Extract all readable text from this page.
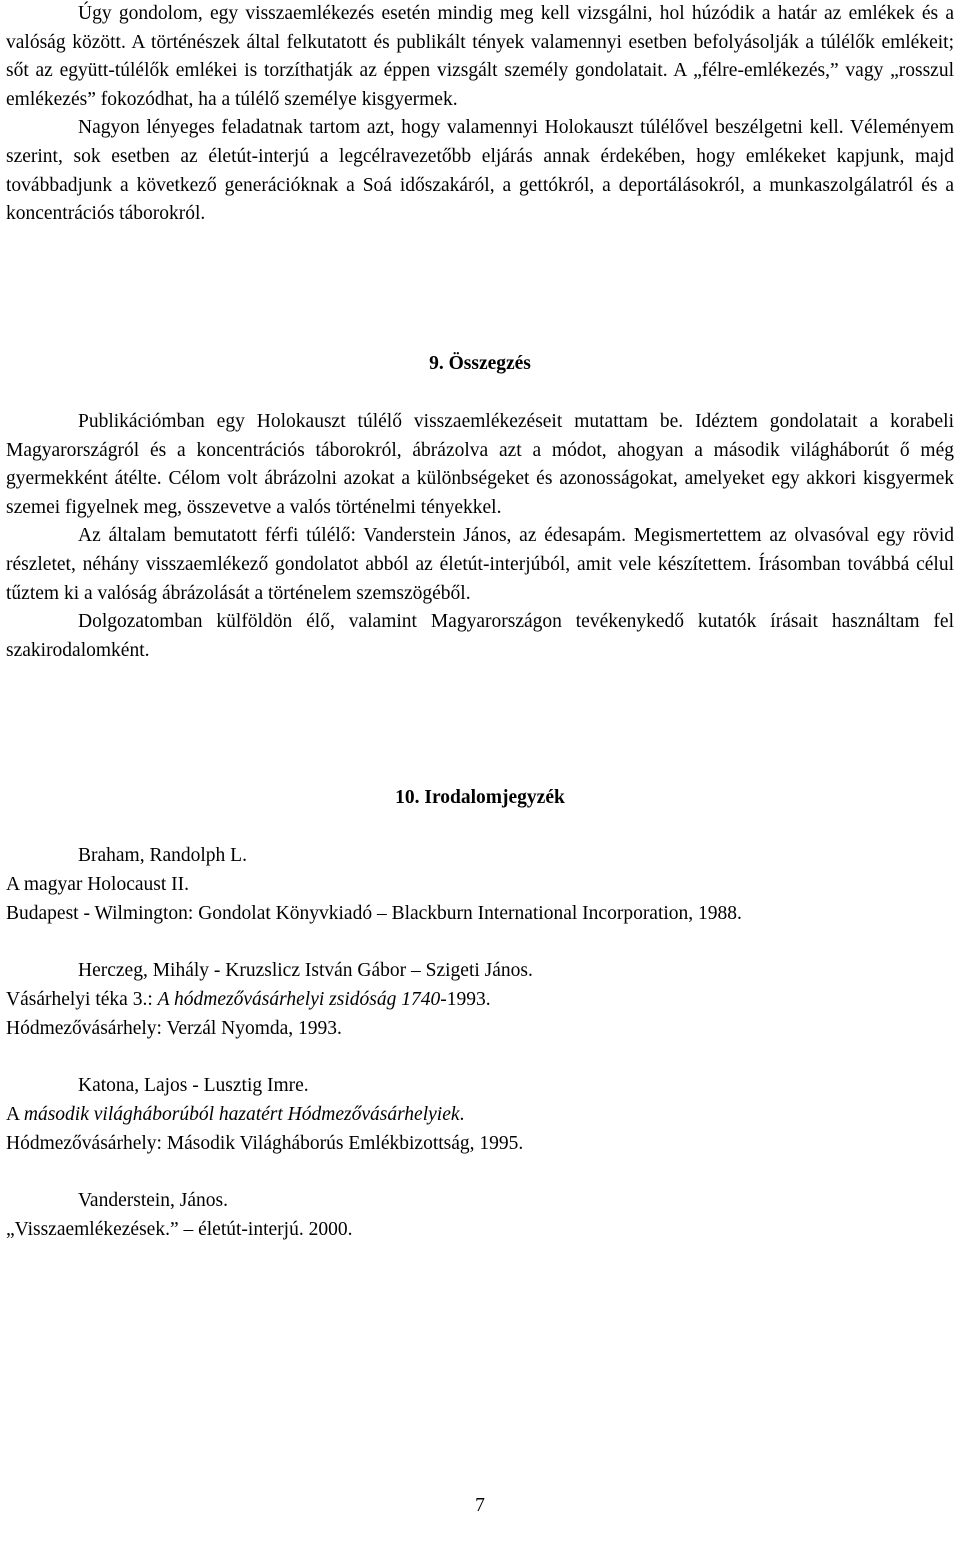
Úgy gondolom, egy visszaemlékezés esetén mindig meg kell vizsgálni, hol húzódik a határ az emlékek és a valóság között. A történészek által felkutatott és publikált tények valamennyi esetben befolyásolják a túlélők emlékeit; sőt az együtt-túlélők emlékei is torzíthatják az éppen vizsgált személy gondolatait. A „félre-emlékezés,” vagy „rosszul emlékezés” fokozódhat, ha a túlélő személye kisgyermek.

Nagyon lényeges feladatnak tartom azt, hogy valamennyi Holokauszt túlélővel beszélgetni kell. Véleményem szerint, sok esetben az életút-interjú a legcélravezetőbb eljárás annak érdekében, hogy emlékeket kapjunk, majd továbbadjunk a következő generációknak a Soá időszakáról, a gettókról, a deportálásokról, a munkaszolgálatról és a koncentrációs táborokról.

9. Összegzés

Publikációmban egy Holokauszt túlélő visszaemlékezéseit mutattam be. Idéztem gondolatait a korabeli Magyarországról és a koncentrációs táborokról, ábrázolva azt a módot, ahogyan a második világháborút ő még gyermekként átélte. Célom volt ábrázolni azokat a különbségeket és azonosságokat, amelyeket egy akkori kisgyermek szemei figyelnek meg, összevetve a valós történelmi tényekkel.

Az általam bemutatott férfi túlélő: Vanderstein János, az édesapám. Megismertettem az olvasóval egy rövid részletet, néhány visszaemlékező gondolatot abból az életút-interjúból, amit vele készítettem. Írásomban továbbá célul tűztem ki a valóság ábrázolását a történelem szemszögéből.

Dolgozatomban külföldön élő, valamint Magyarországon tevékenykedő kutatók írásait használtam fel szakirodalomként.

10. Irodalomjegyzék
Braham, Randolph L.
A magyar Holocaust II.
Budapest - Wilmington: Gondolat Könyvkiadó – Blackburn International Incorporation, 1988.
Herczeg, Mihály - Kruzslicz István Gábor – Szigeti János.
Vásárhelyi téka 3.: A hódmezővásárhelyi zsidóság 1740-1993.
Hódmezővásárhely: Verzál Nyomda, 1993.
Katona, Lajos - Lusztig Imre.
A második világháborúból hazatért Hódmezővásárhelyiek.
Hódmezővásárhely: Második Világháborús Emlékbizottság, 1995.
Vanderstein, János.
„Visszaemlékezések.” – életút-interjú. 2000.
7
